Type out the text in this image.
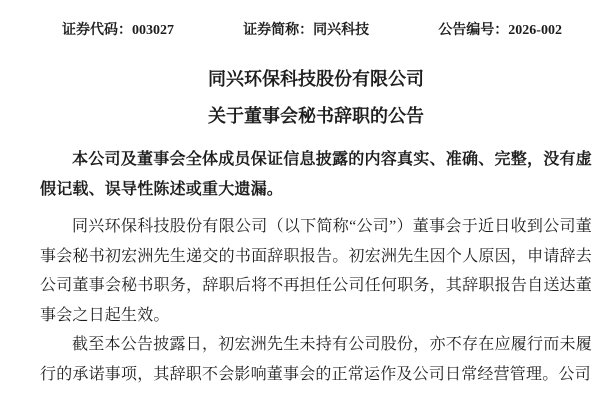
证券代码：003027	证券简称：同兴科技	公告编号：2026-002
同兴环保科技股份有限公司
关于董事会秘书辞职的公告

本公司及董事会全体成员保证信息披露的内容真实、准确、完整，没有虚假记载、误导性陈述或重大遗漏。

同兴环保科技股份有限公司（以下简称“公司”）董事会于近日收到公司董事会秘书初宏洲先生递交的书面辞职报告。初宏洲先生因个人原因，申请辞去公司董事会秘书职务，辞职后将不再担任公司任何职务，其辞职报告自送达董事会之日起生效。

截至本公告披露日，初宏洲先生未持有公司股份，亦不存在应履行而未履行的承诺事项，其辞职不会影响董事会的正常运作及公司日常经营管理。公司
